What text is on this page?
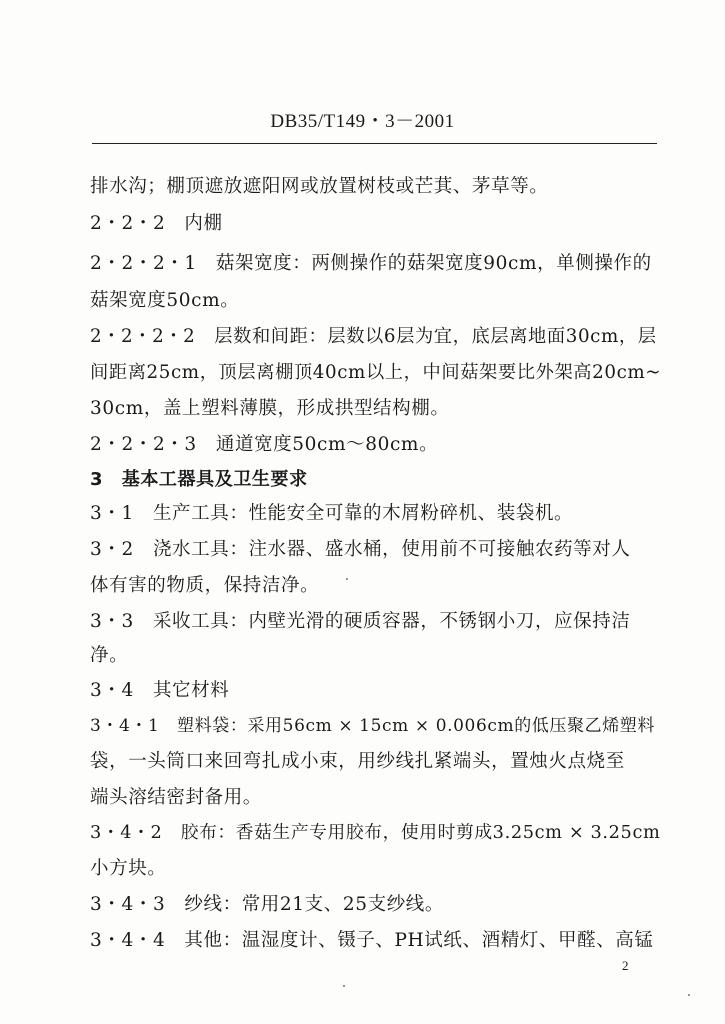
DB35/T149・3－2001
排水沟；棚顶遮放遮阳网或放置树枝或芒萁、茅草等。
2・2・2　内棚
2・2・2・1　菇架宽度：两侧操作的菇架宽度90cm，单侧操作的
菇架宽度50cm。
2・2・2・2　层数和间距：层数以6层为宜，底层离地面30cm，层
间距离25cm，顶层离棚顶40cm以上，中间菇架要比外架高20cm~
30cm，盖上塑料薄膜，形成拱型结构棚。
2・2・2・3　通道宽度50cm～80cm。
3　基本工器具及卫生要求
3・1　生产工具：性能安全可靠的木屑粉碎机、装袋机。
3・2　浇水工具：注水器、盛水桶，使用前不可接触农药等对人
体有害的物质，保持洁净。
3・3　采收工具：内壁光滑的硬质容器，不锈钢小刀，应保持洁
净。
3・4　其它材料
3・4・1　塑料袋：采用56cm × 15cm × 0.006cm的低压聚乙烯塑料
袋，一头筒口来回弯扎成小束，用纱线扎紧端头，置烛火点烧至
端头溶结密封备用。
3・4・2　胶布：香菇生产专用胶布，使用时剪成3.25cm × 3.25cm
小方块。
3・4・3　纱线：常用21支、25支纱线。
3・4・4　其他：温湿度计、镊子、PH试纸、酒精灯、甲醛、高锰
2
